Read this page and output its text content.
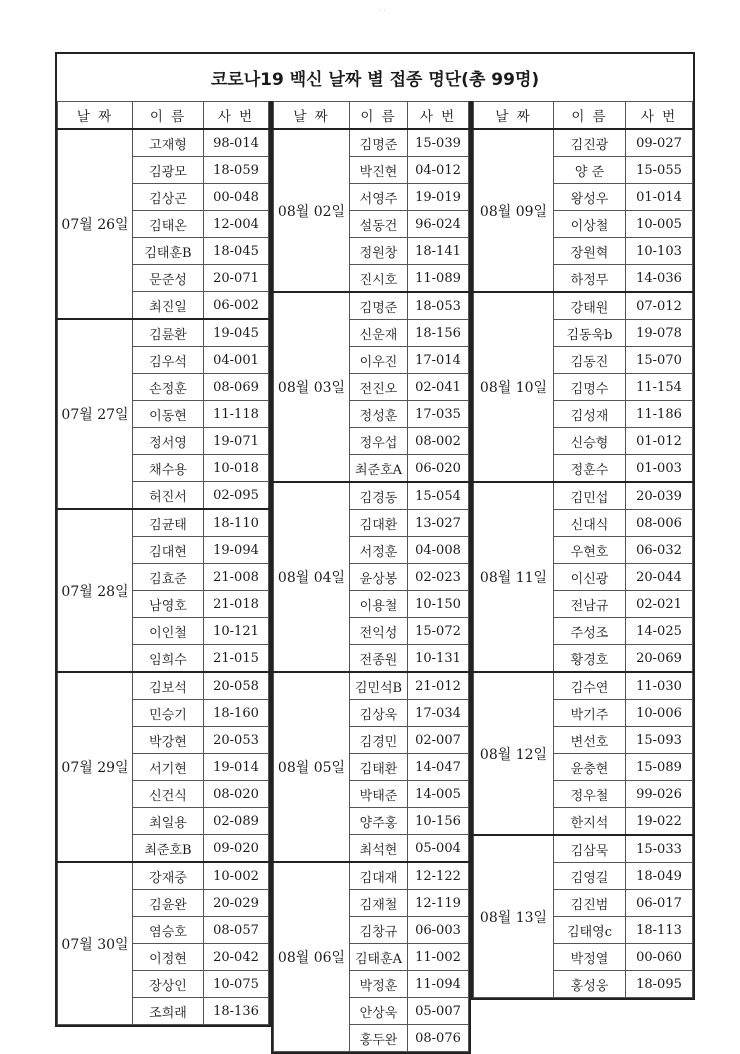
· ·
코로나19 백신 날짜 별 접종 명단(총 99명)
날 짜	이 름	사 번
07월 26일	고재형	98-014
	김광모	18-059
	김상곤	00-048
	김태온	12-004
	김태훈B	18-045
	문준성	20-071
	최진일	06-002
07월 27일	김륜환	19-045
	김우석	04-001
	손정훈	08-069
	이동현	11-118
	정서영	19-071
	채수용	10-018
	허진서	02-095
07월 28일	김균태	18-110
	김대현	19-094
	김효준	21-008
	남영호	21-018
	이인철	10-121
	임희수	21-015
07월 29일	김보석	20-058
	민승기	18-160
	박강현	20-053
	서기현	19-014
	신건식	08-020
	최일용	02-089
	최준호B	09-020
07월 30일	강재중	10-002
	김윤완	20-029
	염승호	08-057
	이정현	20-042
	장상인	10-075
	조희래	18-136
날 짜	이 름	사 번
08월 02일	김명준	15-039
	박진현	04-012
	서영주	19-019
	설동건	96-024
	정원창	18-141
	진시호	11-089
08월 03일	김명준	18-053
	신운재	18-156
	이우진	17-014
	전진오	02-041
	정성훈	17-035
	정우섭	08-002
	최준호A	06-020
08월 04일	김경동	15-054
	김대환	13-027
	서정훈	04-008
	윤상봉	02-023
	이용철	10-150
	전익성	15-072
	전종원	10-131
08월 05일	김민석B	21-012
	김상욱	17-034
	김경민	02-007
	김태환	14-047
	박태준	14-005
	양주홍	10-156
	최석현	05-004
08월 06일	김대재	12-122
	김재철	12-119
	김창규	06-003
	김태훈A	11-002
	박정훈	11-094
	안상욱	05-007
	홍두완	08-076
날 짜	이 름	사 번
08월 09일	김진광	09-027
	양 준	15-055
	왕성우	01-014
	이상철	10-005
	장원혁	10-103
	하정무	14-036
08월 10일	강태원	07-012
	김동욱b	19-078
	김동진	15-070
	김명수	11-154
	김성재	11-186
	신승형	01-012
	정훈수	01-003
08월 11일	김민섭	20-039
	신대식	08-006
	우현호	06-032
	이신광	20-044
	전남규	02-021
	주성조	14-025
	황경호	20-069
08월 12일	김수연	11-030
	박기주	10-006
	변선호	15-093
	윤충현	15-089
	정우철	99-026
	한지석	19-022
08월 13일	김삼묵	15-033
	김영길	18-049
	김진범	06-017
	김태영c	18-113
	박정열	00-060
	홍성웅	18-095
